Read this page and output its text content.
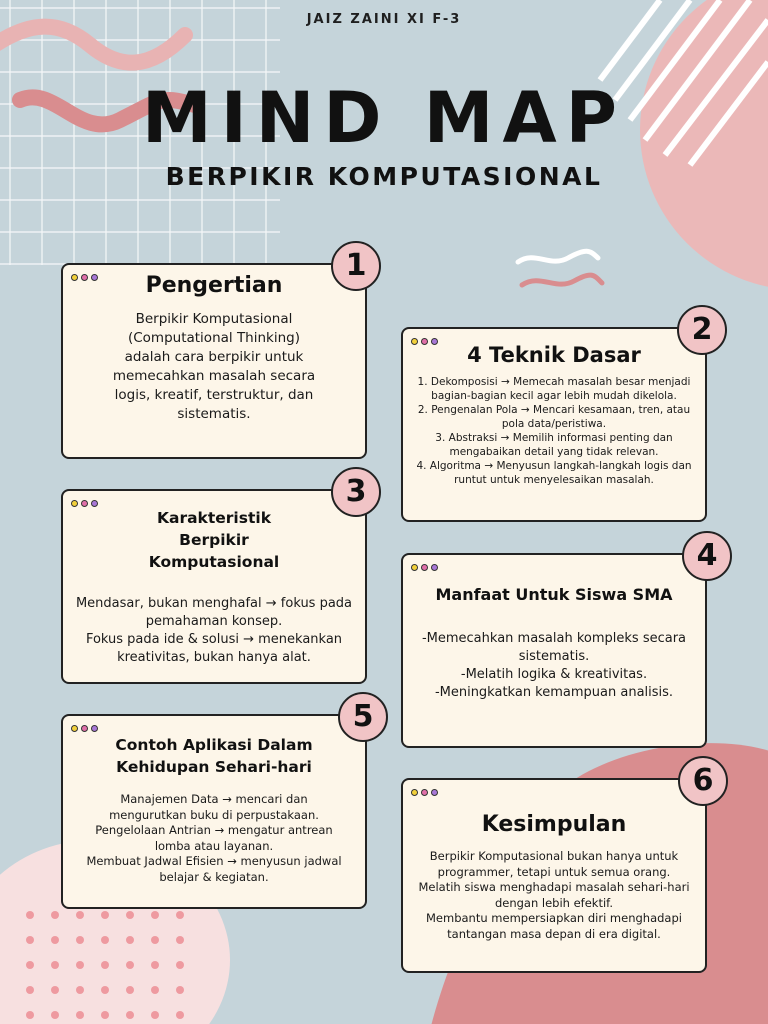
JAIZ ZAINI XI F-3
MIND MAP
BERPIKIR KOMPUTASIONAL
Pengertian

Berpikir Komputasional

(Computational Thinking)

adalah cara berpikir untuk

memecahkan masalah secara

logis, kreatif, terstruktur, dan

sistematis.

1
4 Teknik Dasar

1. Dekomposisi → Memecah masalah besar menjadi

bagian-bagian kecil agar lebih mudah dikelola.

2. Pengenalan Pola → Mencari kesamaan, tren, atau

pola data/peristiwa.

3. Abstraksi → Memilih informasi penting dan

mengabaikan detail yang tidak relevan.

4. Algoritma → Menyusun langkah-langkah logis dan

runtut untuk menyelesaikan masalah.

2
Karakteristik Berpikir Komputasional

Mendasar, bukan menghafal → fokus pada

pemahaman konsep.

Fokus pada ide & solusi → menekankan

kreativitas, bukan hanya alat.

3
Manfaat Untuk Siswa SMA

-Memecahkan masalah kompleks secara

sistematis.

-Melatih logika & kreativitas.

-Meningkatkan kemampuan analisis.

4
Contoh Aplikasi Dalam Kehidupan Sehari-hari

Manajemen Data → mencari dan

mengurutkan buku di perpustakaan.

Pengelolaan Antrian → mengatur antrean

lomba atau layanan.

Membuat Jadwal Efisien → menyusun jadwal

belajar & kegiatan.

5
Kesimpulan

Berpikir Komputasional bukan hanya untuk

programmer, tetapi untuk semua orang.

Melatih siswa menghadapi masalah sehari-hari

dengan lebih efektif.

Membantu mempersiapkan diri menghadapi

tantangan masa depan di era digital.

6
